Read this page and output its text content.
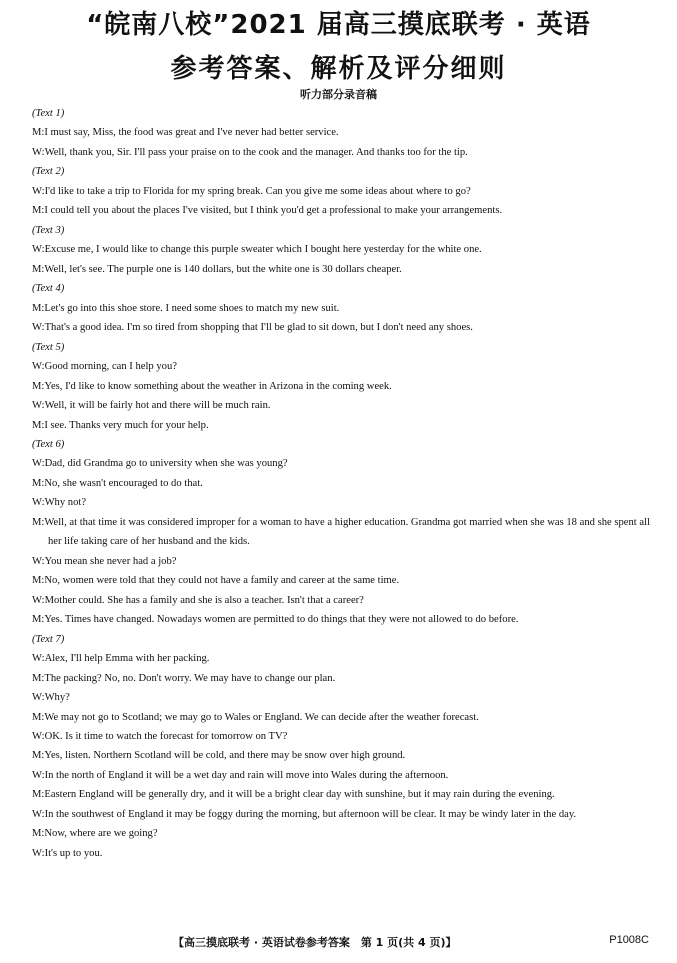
“皖南八校”2021 届高三摸底联考 · 英语
参考答案、解析及评分细则
听力部分录音稿
(Text 1)
M:I must say, Miss, the food was great and I've never had better service.
W:Well, thank you, Sir. I'll pass your praise on to the cook and the manager. And thanks too for the tip.
(Text 2)
W:I'd like to take a trip to Florida for my spring break. Can you give me some ideas about where to go?
M:I could tell you about the places I've visited, but I think you'd get a professional to make your arrangements.
(Text 3)
W:Excuse me, I would like to change this purple sweater which I bought here yesterday for the white one.
M:Well, let's see. The purple one is 140 dollars, but the white one is 30 dollars cheaper.
(Text 4)
M:Let's go into this shoe store. I need some shoes to match my new suit.
W:That's a good idea. I'm so tired from shopping that I'll be glad to sit down, but I don't need any shoes.
(Text 5)
W:Good morning, can I help you?
M:Yes, I'd like to know something about the weather in Arizona in the coming week.
W:Well, it will be fairly hot and there will be much rain.
M:I see. Thanks very much for your help.
(Text 6)
W:Dad, did Grandma go to university when she was young?
M:No, she wasn't encouraged to do that.
W:Why not?
M:Well, at that time it was considered improper for a woman to have a higher education. Grandma got married when she was 18 and she spent all her life taking care of her husband and the kids.
W:You mean she never had a job?
M:No, women were told that they could not have a family and career at the same time.
W:Mother could. She has a family and she is also a teacher. Isn't that a career?
M:Yes. Times have changed. Nowadays women are permitted to do things that they were not allowed to do before.
(Text 7)
W:Alex, I'll help Emma with her packing.
M:The packing? No, no. Don't worry. We may have to change our plan.
W:Why?
M:We may not go to Scotland; we may go to Wales or England. We can decide after the weather forecast.
W:OK. Is it time to watch the forecast for tomorrow on TV?
M:Yes, listen. Northern Scotland will be cold, and there may be snow over high ground.
W:In the north of England it will be a wet day and rain will move into Wales during the afternoon.
M:Eastern England will be generally dry, and it will be a bright clear day with sunshine, but it may rain during the evening.
W:In the southwest of England it may be foggy during the morning, but afternoon will be clear. It may be windy later in the day.
M:Now, where are we going?
W:It's up to you.
【高三摸底联考 · 英语试卷参考答案　第 1 页(共 4 页)】	P1008C
